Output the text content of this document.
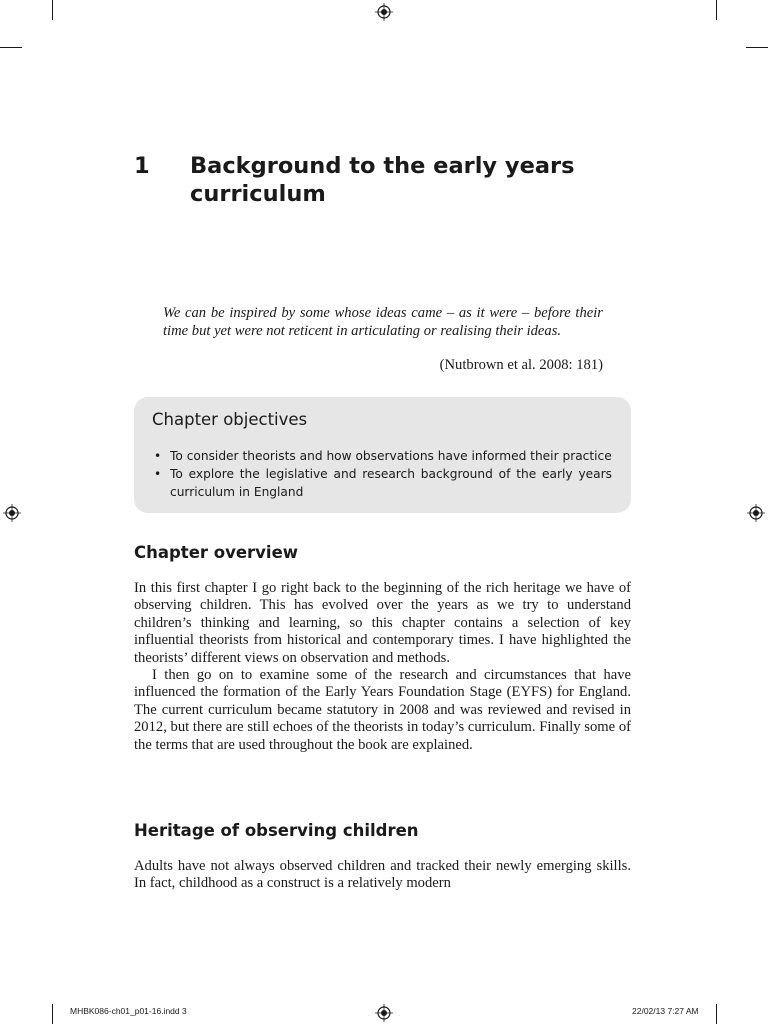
1 Background to the early years curriculum
We can be inspired by some whose ideas came – as it were – before their time but yet were not reticent in articulating or realising their ideas.
(Nutbrown et al. 2008: 181)
Chapter objectives
• To consider theorists and how observations have informed their practice
• To explore the legislative and research background of the early years curriculum in England
Chapter overview

In this first chapter I go right back to the beginning of the rich heritage we have of observing children. This has evolved over the years as we try to understand children’s thinking and learning, so this chapter contains a selection of key influential theorists from historical and contemporary times. I have highlighted the theorists’ different views on observation and methods.

I then go on to examine some of the research and circumstances that have influenced the formation of the Early Years Foundation Stage (EYFS) for England. The current curriculum became statutory in 2008 and was reviewed and revised in 2012, but there are still echoes of the theorists in today’s curriculum. Finally some of the terms that are used throughout the book are explained.

Heritage of observing children

Adults have not always observed children and tracked their newly emerging skills. In fact, childhood as a construct is a relatively modern

MHBK086-ch01_p01-16.indd 3	22/02/13 7:27 AM
